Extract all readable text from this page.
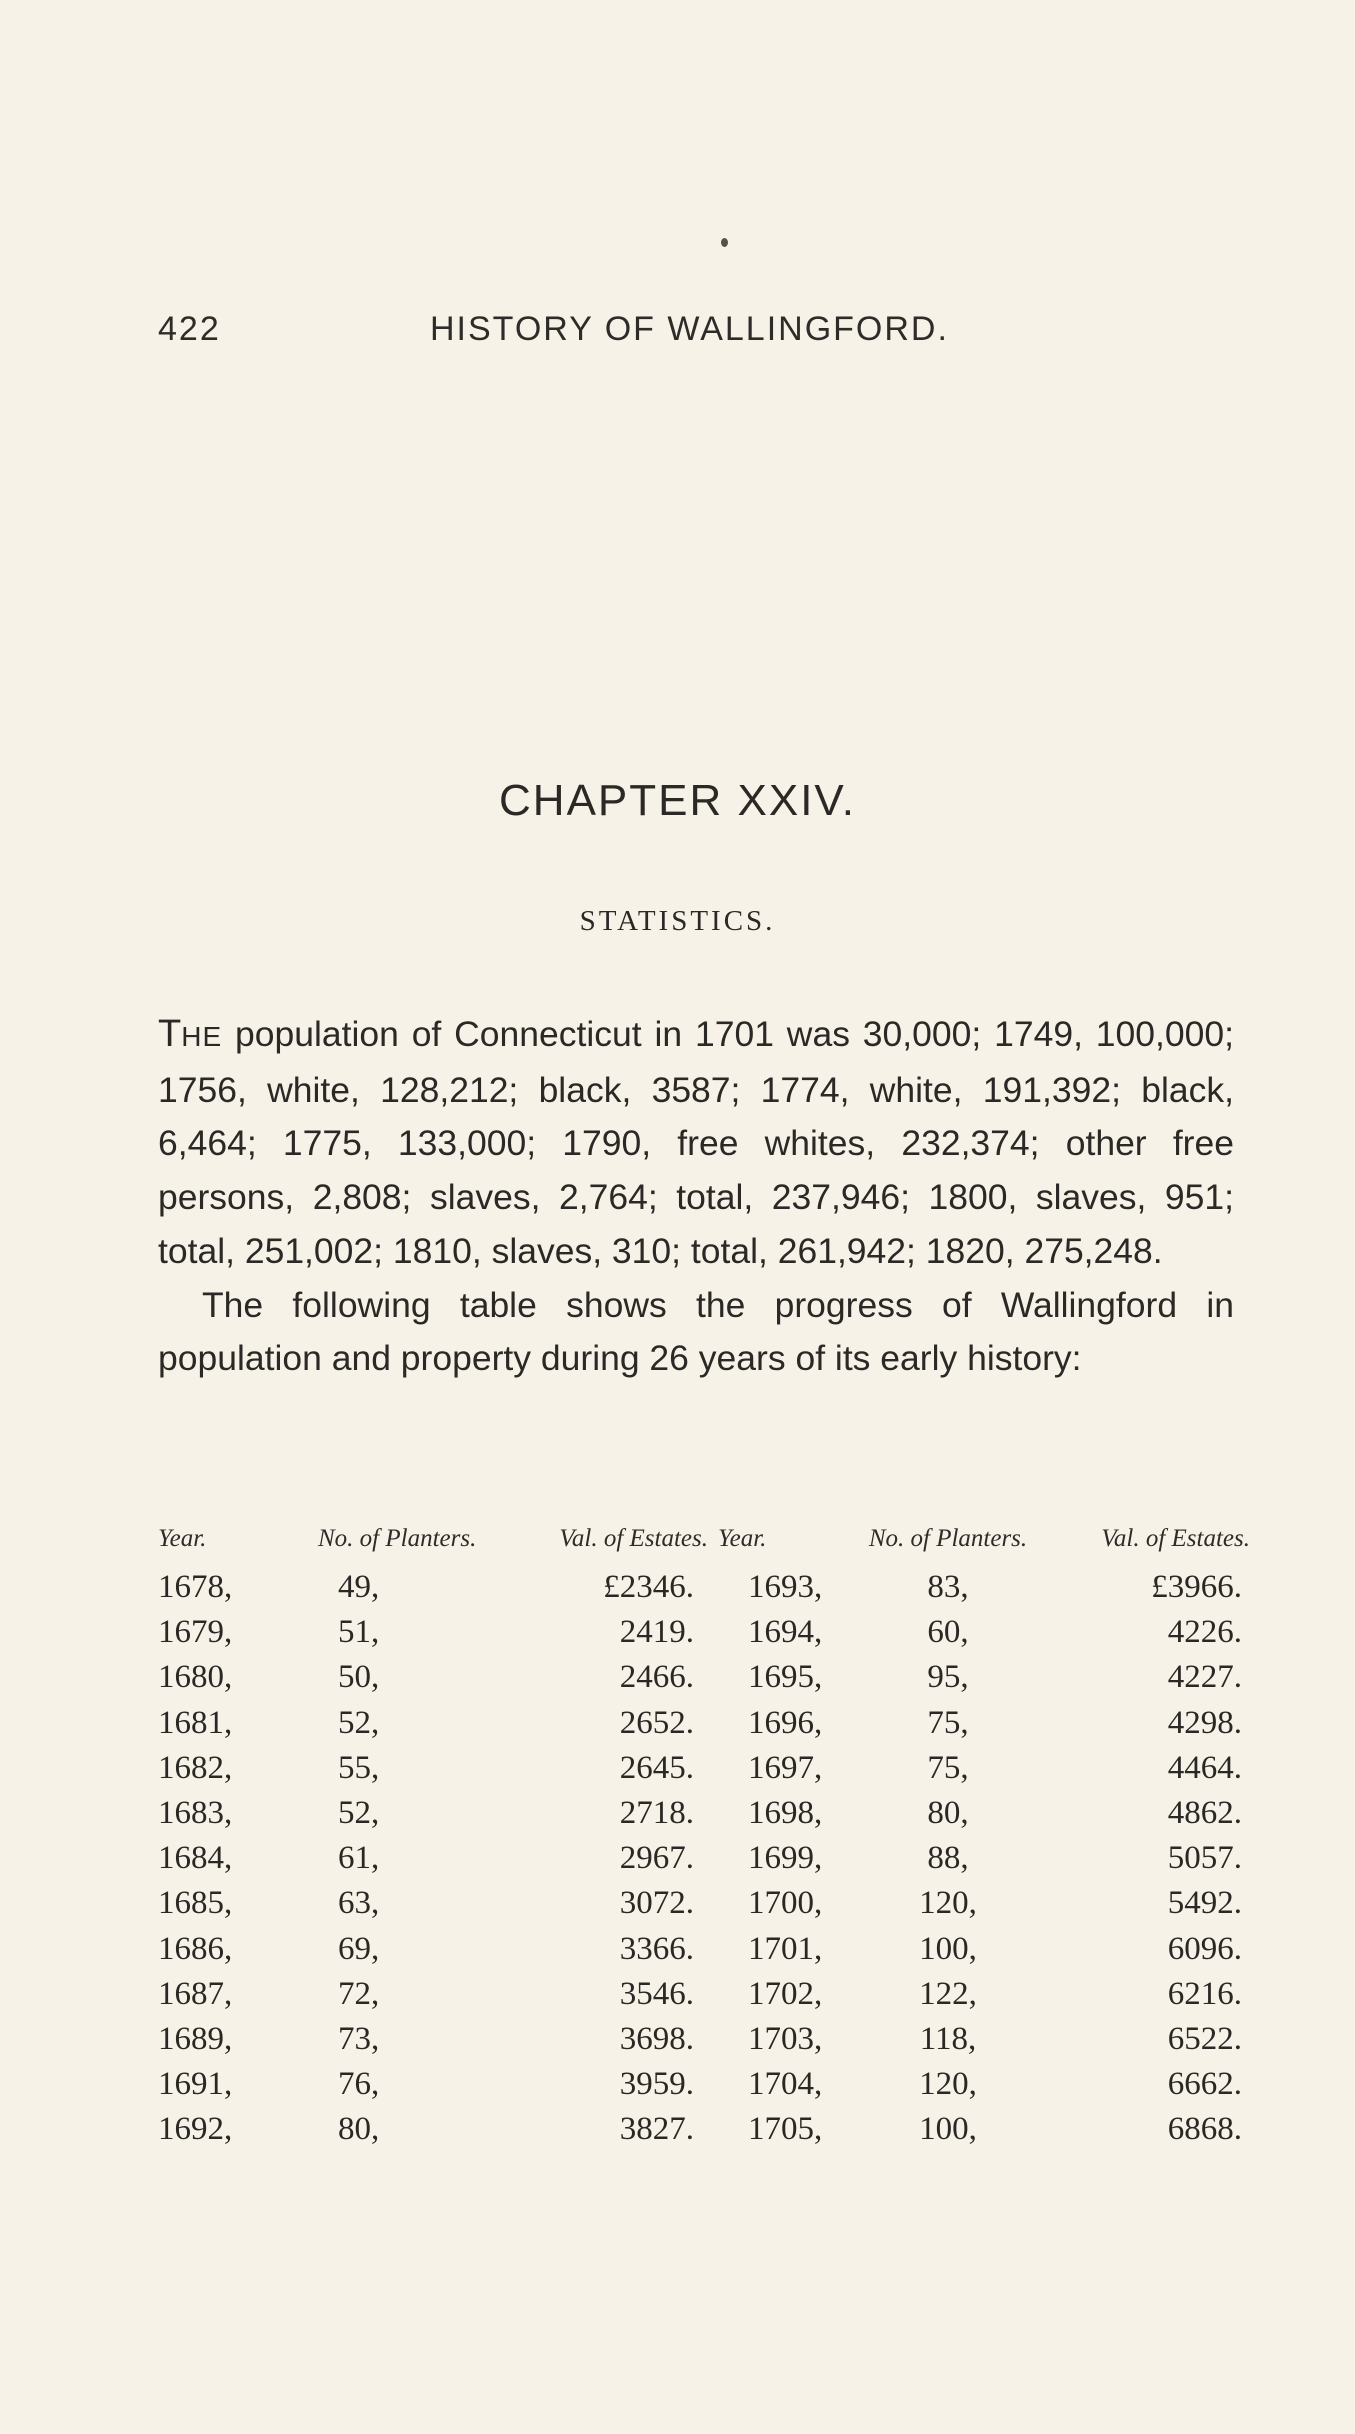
422	HISTORY OF WALLINGFORD.
CHAPTER XXIV.
STATISTICS.

THE population of Connecticut in 1701 was 30,000; 1749, 100,000; 1756, white, 128,212; black, 3587; 1774, white, 191,392; black, 6,464; 1775, 133,000; 1790, free whites, 232,374; other free persons, 2,808; slaves, 2,764; total, 237,946; 1800, slaves, 951; total, 251,002; 1810, slaves, 310; total, 261,942; 1820, 275,248.

The following table shows the progress of Wallingford in population and property during 26 years of its early history:

Year.	No. of Planters.	Val. of Estates.	Year.	No. of Planters.	Val. of Estates.
1678,	49,	£2346.	1693,	83,	£3966.
1679,	51,	2419.	1694,	60,	4226.
1680,	50,	2466.	1695,	95,	4227.
1681,	52,	2652.	1696,	75,	4298.
1682,	55,	2645.	1697,	75,	4464.
1683,	52,	2718.	1698,	80,	4862.
1684,	61,	2967.	1699,	88,	5057.
1685,	63,	3072.	1700,	120,	5492.
1686,	69,	3366.	1701,	100,	6096.
1687,	72,	3546.	1702,	122,	6216.
1689,	73,	3698.	1703,	118,	6522.
1691,	76,	3959.	1704,	120,	6662.
1692,	80,	3827.	1705,	100,	6868.
